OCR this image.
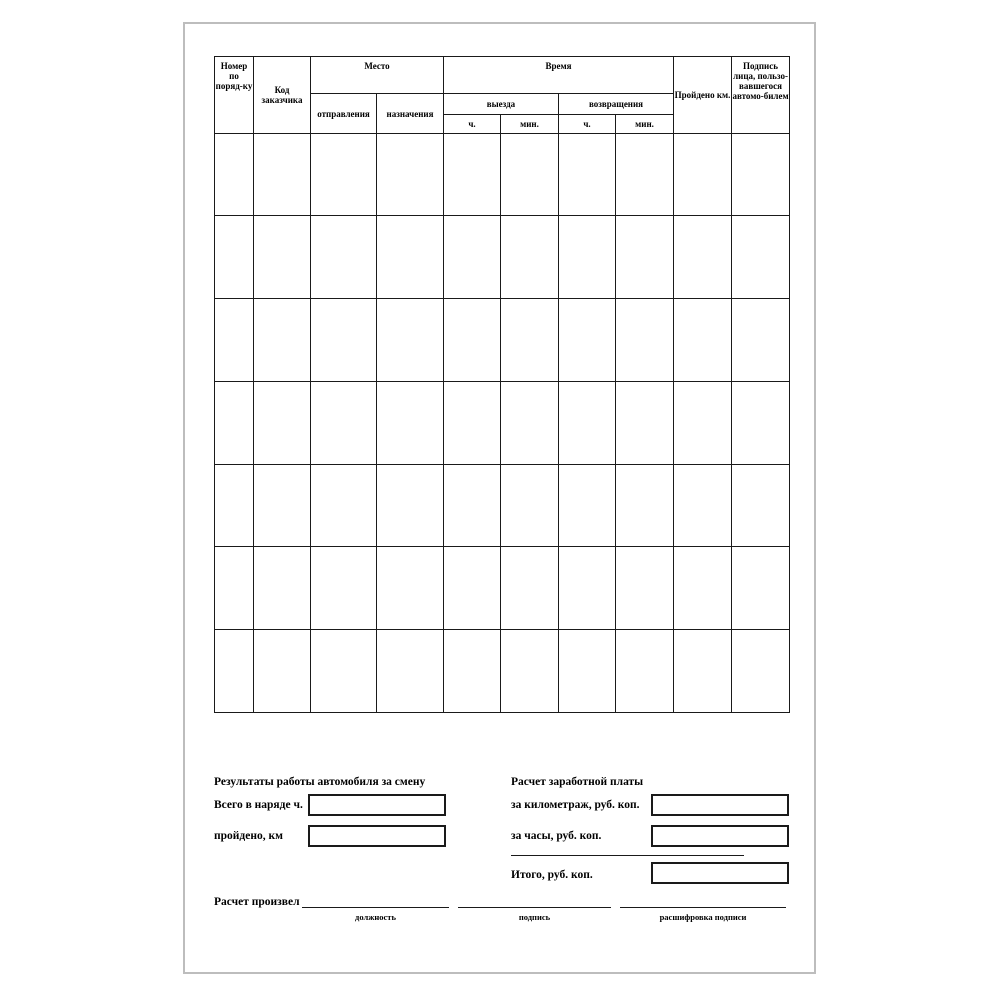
Номер по поряд-ку	Код заказчика	Место		Время				Пройдено км.	Подпись лица, пользо-вавшегося автомо-билем
		отправления	назначения	выезда		возвращения			
				ч.	мин.	ч.	мин.		

Результаты работы автомобиля за смену
Всего в наряде ч.
пройдено, км
Расчет заработной платы
за километраж, руб. коп.
за часы, руб. коп.
Итого, руб. коп.
Расчет произвел
должность	подпись	расшифровка подписи
